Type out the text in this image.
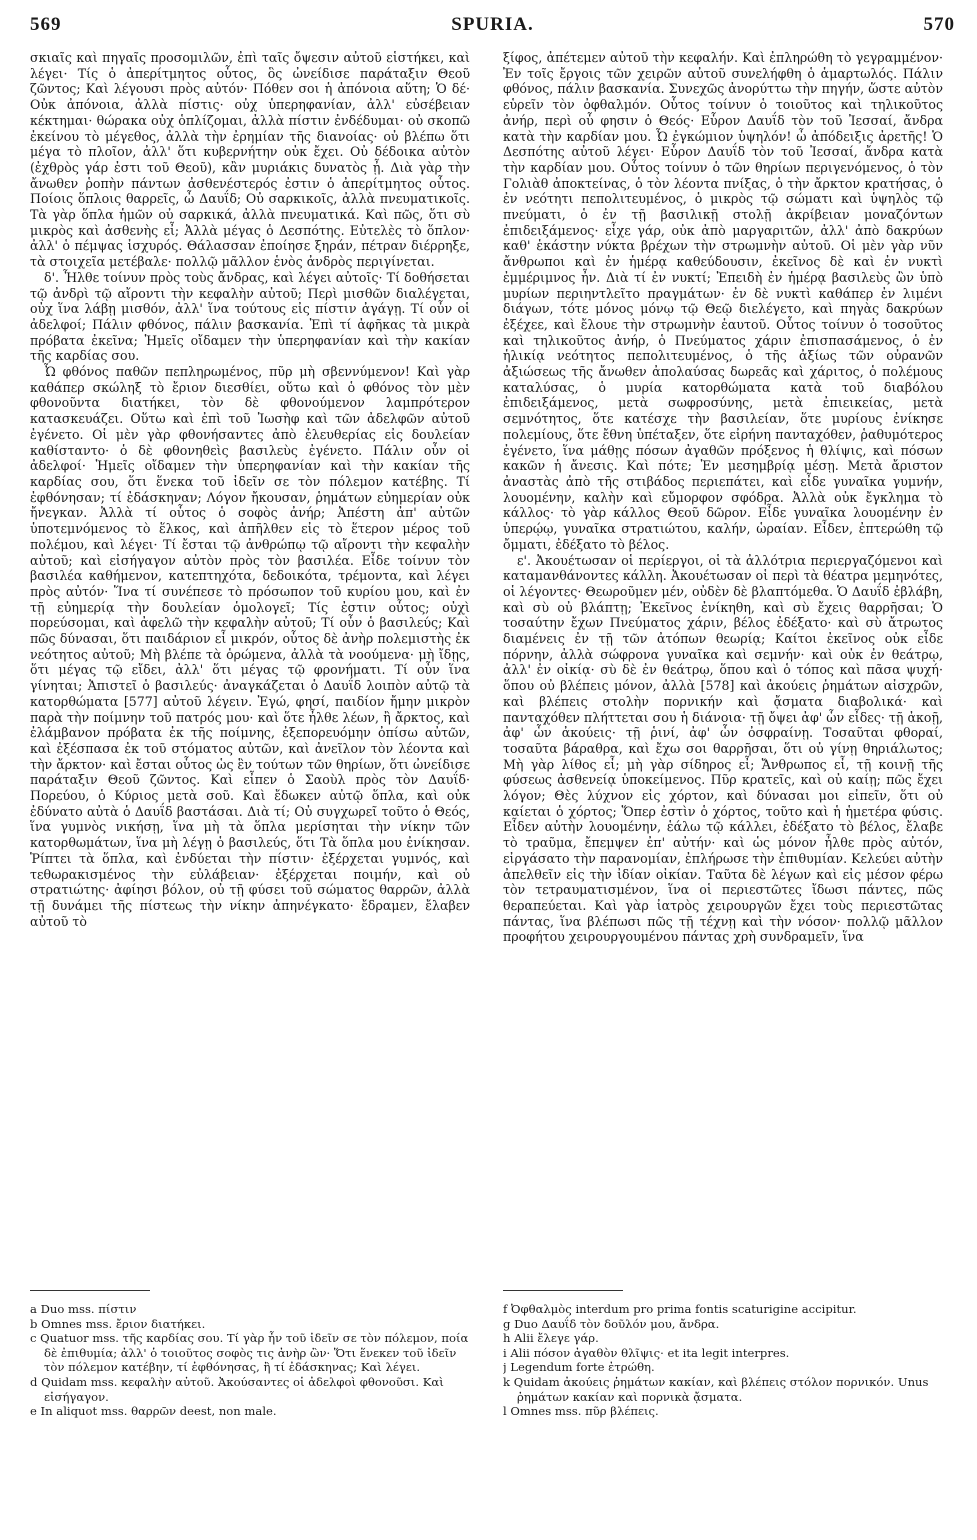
569	SPURIA.	570

σκιαῖς καὶ πηγαῖς προσομιλῶν, ἐπὶ ταῖς ὄψεσιν αὐτοῦ εἱστήκει, καὶ λέγει· Τίς ὁ ἀπερίτμητος οὗτος, ὃς ὠνείδισε παράταξιν Θεοῦ ζῶντος; Καὶ λέγουσι πρὸς αὐτόν· Πόθεν σοι ἡ ἀπόνοια αὕτη; Ὁ δέ· Οὐκ ἀπόνοια, ἀλλὰ πίστις· οὐχ ὑπερηφανίαν, ἀλλ' εὐσέβειαν κέκτημαι· θώρακα οὐχ ὁπλίζομαι, ἀλλὰ πίστιν ἐνδέδυμαι· οὐ σκοπῶ ἐκείνου τὸ μέγεθος, ἀλλὰ τὴν ἐρημίαν τῆς διανοίας· οὐ βλέπω ὅτι μέγα τὸ πλοῖον, ἀλλ' ὅτι κυβερνήτην οὐκ ἔχει. Οὐ δέδοικα αὐτὸν (ἐχθρὸς γάρ ἐστι τοῦ Θεοῦ), κἂν μυριάκις δυνατὸς ᾖ. Διὰ γὰρ τὴν ἄνωθεν ῥοπὴν πάντων ἀσθενέστερός ἐστιν ὁ ἀπερίτμητος οὗτος. Ποίοις ὅπλοις θαρρεῖς, ὦ Δαυΐδ; Οὐ σαρκικοῖς, ἀλλὰ πνευματικοῖς. Τὰ γὰρ ὅπλα ἡμῶν οὐ σαρκικά, ἀλλὰ πνευματικά. Καὶ πῶς, ὅτι σὺ μικρὸς καὶ ἀσθενὴς εἶ; Ἀλλὰ μέγας ὁ Δεσπότης. Εὐτελὲς τὸ ὅπλον· ἀλλ' ὁ πέμψας ἰσχυρός. Θάλασσαν ἐποίησε ξηράν, πέτραν διέρρηξε, τὰ στοιχεῖα μετέβαλε· πολλῷ μᾶλλον ἑνὸς ἀνδρὸς περιγίνεται.

δ'. Ἦλθε τοίνυν πρὸς τοὺς ἄνδρας, καὶ λέγει αὐτοῖς· Τί δοθήσεται τῷ ἀνδρὶ τῷ αἴροντι τὴν κεφαλὴν αὐτοῦ; Περὶ μισθῶν διαλέγεται, οὐχ ἵνα λάβῃ μισθόν, ἀλλ' ἵνα τούτους εἰς πίστιν ἀγάγῃ. Τί οὖν οἱ ἀδελφοί; Πάλιν φθόνος, πάλιν βασκανία. Ἐπὶ τί ἀφῆκας τὰ μικρὰ πρόβατα ἐκεῖνα; Ἡμεῖς οἴδαμεν τὴν ὑπερηφανίαν καὶ τὴν κακίαν τῆς καρδίας σου.

Ὦ φθόνος παθῶν πεπληρωμένος, πῦρ μὴ σβεννύμενον! Καὶ γὰρ καθάπερ σκώληξ τὸ ἔριον διεσθίει, οὕτω καὶ ὁ φθόνος τὸν μὲν φθονοῦντα διατήκει, τὸν δὲ φθονούμενον λαμπρότερον κατασκευάζει. Οὕτω καὶ ἐπὶ τοῦ Ἰωσὴφ καὶ τῶν ἀδελφῶν αὐτοῦ ἐγένετο. Οἱ μὲν γὰρ φθονήσαντες ἀπὸ ἐλευθερίας εἰς δουλείαν καθίσταντο· ὁ δὲ φθονηθεὶς βασιλεὺς ἐγένετο. Πάλιν οὖν οἱ ἀδελφοί· Ἡμεῖς οἴδαμεν τὴν ὑπερηφανίαν καὶ τὴν κακίαν τῆς καρδίας σου, ὅτι ἕνεκα τοῦ ἰδεῖν σε τὸν πόλεμον κατέβης. Τί ἐφθόνησαν; τί ἐδάσκηναν; Λόγον ἤκουσαν, ῥημάτων εὐημερίαν οὐκ ἤνεγκαν. Ἀλλὰ τί οὗτος ὁ σοφὸς ἀνήρ; Ἀπέστη ἀπ' αὐτῶν ὑποτεμνόμενος τὸ ἕλκος, καὶ ἀπῆλθεν εἰς τὸ ἕτερον μέρος τοῦ πολέμου, καὶ λέγει· Τί ἔσται τῷ ἀνθρώπῳ τῷ αἴροντι τὴν κεφαλὴν αὐτοῦ; καὶ εἰσήγαγον αὐτὸν πρὸς τὸν βασιλέα. Εἶδε τοίνυν τὸν βασιλέα καθήμενον, κατεπτηχότα, δεδοικότα, τρέμοντα, καὶ λέγει πρὸς αὐτόν· Ἵνα τί συνέπεσε τὸ πρόσωπον τοῦ κυρίου μου, καὶ ἐν τῇ εὐημερίᾳ τὴν δουλείαν ὁμολογεῖ; Τίς ἐστιν οὗτος; οὐχὶ πορεύσομαι, καὶ ἀφελῶ τὴν κεφαλὴν αὐτοῦ; Τί οὖν ὁ βασιλεύς; Καὶ πῶς δύνασαι, ὅτι παιδάριον εἶ μικρόν, οὗτος δὲ ἀνὴρ πολεμιστὴς ἐκ νεότητος αὐτοῦ; Μὴ βλέπε τὰ ὁρώμενα, ἀλλὰ τὰ νοούμενα· μὴ ἴδῃς, ὅτι μέγας τῷ εἴδει, ἀλλ' ὅτι μέγας τῷ φρονήματι. Τί οὖν ἵνα γίνηται; Ἀπιστεῖ ὁ βασιλεύς· ἀναγκάζεται ὁ Δαυΐδ λοιπὸν αὐτῷ τὰ κατορθώματα [577] αὐτοῦ λέγειν. Ἐγώ, φησί, παιδίον ἤμην μικρὸν παρὰ τὴν ποίμνην τοῦ πατρός μου· καὶ ὅτε ἦλθε λέων, ἢ ἄρκτος, καὶ ἐλάμβανον πρόβατα ἐκ τῆς ποίμνης, ἐξεπορευόμην ὀπίσω αὐτῶν, καὶ ἐξέσπασα ἐκ τοῦ στόματος αὐτῶν, καὶ ἀνεῖλον τὸν λέοντα καὶ τὴν ἄρκτον· καὶ ἔσται οὗτος ὡς ἓν τούτων τῶν θηρίων, ὅτι ὠνείδισε παράταξιν Θεοῦ ζῶντος. Καὶ εἶπεν ὁ Σαοὺλ πρὸς τὸν Δαυΐδ· Πορεύου, ὁ Κύριος μετὰ σοῦ. Καὶ ἔδωκεν αὐτῷ ὅπλα, καὶ οὐκ ἐδύνατο αὐτὰ ὁ Δαυΐδ βαστάσαι. Διὰ τί; Οὐ συγχωρεῖ τοῦτο ὁ Θεός, ἵνα γυμνὸς νικήσῃ, ἵνα μὴ τὰ ὅπλα μερίσηται τὴν νίκην τῶν κατορθωμάτων, ἵνα μὴ λέγῃ ὁ βασιλεύς, ὅτι Τὰ ὅπλα μου ἐνίκησαν. Ῥίπτει τὰ ὅπλα, καὶ ἐνδύεται τὴν πίστιν· ἐξέρχεται γυμνός, καὶ τεθωρακισμένος τὴν εὐλάβειαν· ἐξέρχεται ποιμήν, καὶ οὐ στρατιώτης· ἀφίησι βόλον, οὐ τῇ φύσει τοῦ σώματος θαρρῶν, ἀλλὰ τῇ δυνάμει τῆς πίστεως τὴν νίκην ἀπηνέγκατο· ἔδραμεν, ἔλαβεν αὐτοῦ τὸ

ξίφος, ἀπέτεμεν αὐτοῦ τὴν κεφαλήν. Καὶ ἐπληρώθη τὸ γεγραμμένον· Ἐν τοῖς ἔργοις τῶν χειρῶν αὐτοῦ συνελήφθη ὁ ἁμαρτωλός. Πάλιν φθόνος, πάλιν βασκανία. Συνεχῶς ἀνορύττω τὴν πηγήν, ὥστε αὐτὸν εὑρεῖν τὸν ὀφθαλμόν. Οὗτος τοίνυν ὁ τοιοῦτος καὶ τηλικοῦτος ἀνήρ, περὶ οὗ φησιν ὁ Θεός· Εὗρον Δαυΐδ τὸν τοῦ Ἰεσσαί, ἄνδρα κατὰ τὴν καρδίαν μου. Ὦ ἐγκώμιον ὑψηλόν! ὦ ἀπόδειξις ἀρετῆς! Ὁ Δεσπότης αὐτοῦ λέγει· Εὗρον Δαυΐδ τὸν τοῦ Ἰεσσαί, ἄνδρα κατὰ τὴν καρδίαν μου. Οὗτος τοίνυν ὁ τῶν θηρίων περιγενόμενος, ὁ τὸν Γολιὰθ ἀποκτείνας, ὁ τὸν λέοντα πνίξας, ὁ τὴν ἄρκτον κρατήσας, ὁ ἐν νεότητι πεπολιτευμένος, ὁ μικρὸς τῷ σώματι καὶ ὑψηλὸς τῷ πνεύματι, ὁ ἐν τῇ βασιλικῇ στολῇ ἀκρίβειαν μοναζόντων ἐπιδειξάμενος· εἶχε γάρ, οὐκ ἀπὸ μαργαριτῶν, ἀλλ' ἀπὸ δακρύων καθ' ἑκάστην νύκτα βρέχων τὴν στρωμνὴν αὐτοῦ. Οἱ μὲν γὰρ νῦν ἄνθρωποι καὶ ἐν ἡμέρᾳ καθεύδουσιν, ἐκεῖνος δὲ καὶ ἐν νυκτὶ ἐμμέριμνος ἦν. Διὰ τί ἐν νυκτί; Ἐπειδὴ ἐν ἡμέρᾳ βασιλεὺς ὢν ὑπὸ μυρίων περιηντλεῖτο πραγμάτων· ἐν δὲ νυκτὶ καθάπερ ἐν λιμένι διάγων, τότε μόνος μόνῳ τῷ Θεῷ διελέγετο, καὶ πηγὰς δακρύων ἐξέχεε, καὶ ἔλουε τὴν στρωμνὴν ἑαυτοῦ. Οὗτος τοίνυν ὁ τοσοῦτος καὶ τηλικοῦτος ἀνήρ, ὁ Πνεύματος χάριν ἐπισπασάμενος, ὁ ἐν ἡλικίᾳ νεότητος πεπολιτευμένος, ὁ τῆς ἀξίως τῶν οὐρανῶν ἀξιώσεως τῆς ἄνωθεν ἀπολαύσας δωρεᾶς καὶ χάριτος, ὁ πολέμους καταλύσας, ὁ μυρία κατορθώματα κατὰ τοῦ διαβόλου ἐπιδειξάμενος, μετὰ σωφροσύνης, μετὰ ἐπιεικείας, μετὰ σεμνότητος, ὅτε κατέσχε τὴν βασιλείαν, ὅτε μυρίους ἐνίκησε πολεμίους, ὅτε ἔθνη ὑπέταξεν, ὅτε εἰρήνη πανταχόθεν, ῥαθυμότερος ἐγένετο, ἵνα μάθῃς πόσων ἀγαθῶν πρόξενος ἡ θλίψις, καὶ πόσων κακῶν ἡ ἄνεσις. Καὶ πότε; Ἐν μεσημβρίᾳ μέσῃ. Μετὰ ἄριστον ἀναστὰς ἀπὸ τῆς στιβάδος περιεπάτει, καὶ εἶδε γυναῖκα γυμνήν, λουομένην, καλὴν καὶ εὔμορφον σφόδρα. Ἀλλὰ οὐκ ἔγκλημα τὸ κάλλος· τὸ γὰρ κάλλος Θεοῦ δῶρον. Εἶδε γυναῖκα λουομένην ἐν ὑπερῴῳ, γυναῖκα στρατιώτου, καλήν, ὡραίαν. Εἶδεν, ἐπτερώθη τῷ ὄμματι, ἐδέξατο τὸ βέλος.

ε'. Ἀκουέτωσαν οἱ περίεργοι, οἱ τὰ ἀλλότρια περιεργαζόμενοι καὶ καταμανθάνοντες κάλλη. Ἀκουέτωσαν οἱ περὶ τὰ θέατρα μεμηνότες, οἱ λέγοντες· Θεωροῦμεν μέν, οὐδὲν δὲ βλαπτόμεθα. Ὁ Δαυΐδ ἐβλάβη, καὶ σὺ οὐ βλάπτῃ; Ἐκεῖνος ἐνίκηθη, καὶ σὺ ἔχεις θαρρῆσαι; Ὁ τοσαύτην ἔχων Πνεύματος χάριν, βέλος ἐδέξατο· καὶ σὺ ἄτρωτος διαμένεις ἐν τῇ τῶν ἀτόπων θεωρίᾳ; Καίτοι ἐκεῖνος οὐκ εἶδε πόρνην, ἀλλὰ σώφρονα γυναῖκα καὶ σεμνήν· καὶ οὐκ ἐν θεάτρῳ, ἀλλ' ἐν οἰκίᾳ· σὺ δὲ ἐν θεάτρῳ, ὅπου καὶ ὁ τόπος καὶ πᾶσα ψυχή· ὅπου οὐ βλέπεις μόνον, ἀλλὰ [578] καὶ ἀκούεις ῥημάτων αἰσχρῶν, καὶ βλέπεις στολὴν πορνικήν καὶ ᾄσματα διαβολικά· καὶ πανταχόθεν πλήττεται σου ἡ διάνοια· τῇ ὄψει ἀφ' ὧν εἶδες· τῇ ἀκοῇ, ἀφ' ὧν ἀκούεις· τῇ ῥινί, ἀφ' ὧν ὀσφραίνῃ. Τοσαῦται φθοραί, τοσαῦτα βάραθρα, καὶ ἔχω σοι θαρρῆσαι, ὅτι οὐ γίνῃ θηριάλωτος; Μὴ γὰρ λίθος εἶ; μὴ γὰρ σίδηρος εἶ; Ἄνθρωπος εἶ, τῇ κοινῇ τῆς φύσεως ἀσθενείᾳ ὑποκείμενος. Πῦρ κρατεῖς, καὶ οὐ καίῃ; πῶς ἔχει λόγον; Θὲς λύχνον εἰς χόρτον, καὶ δύνασαι μοι εἰπεῖν, ὅτι οὐ καίεται ὁ χόρτος; Ὅπερ ἐστὶν ὁ χόρτος, τοῦτο καὶ ἡ ἡμετέρα φύσις. Εἶδεν αὐτὴν λουομένην, ἑάλω τῷ κάλλει, ἐδέξατο τὸ βέλος, ἔλαβε τὸ τραῦμα, ἔπεμψεν ἐπ' αὐτήν· καὶ ὡς μόνον ἦλθε πρὸς αὐτόν, εἰργάσατο τὴν παρανομίαν, ἐπλήρωσε τὴν ἐπιθυμίαν. Κελεύει αὐτὴν ἀπελθεῖν εἰς τὴν ἰδίαν οἰκίαν. Ταῦτα δὲ λέγων καὶ εἰς μέσον φέρω τὸν τετραυματισμένον, ἵνα οἱ περιεστῶτες ἴδωσι πάντες, πῶς θεραπεύεται. Καὶ γὰρ ἰατρὸς χειρουργῶν ἔχει τοὺς περιεστῶτας πάντας, ἵνα βλέπωσι πῶς τῇ τέχνῃ καὶ τὴν νόσον· πολλῷ μᾶλλον προφήτου χειρουργουμένου πάντας χρὴ συνδραμεῖν, ἵνα

a Duo mss. πίστιν

b Omnes mss. ἔριον διατήκει.

c Quatuor mss. τῆς καρδίας σου. Τί γὰρ ἦν τοῦ ἰδεῖν σε τὸν πόλεμον, ποία δὲ ἐπιθυμία; ἀλλ' ὁ τοιοῦτος σοφὸς τις ἀνὴρ ὢν· Ὅτι ἕνεκεν τοῦ ἰδεῖν τὸν πόλεμον κατέβην, τί ἐφθόνησας, ἢ τί ἐδάσκηνας; Καὶ λέγει.

d Quidam mss. κεφαλὴν αὐτοῦ. Ἀκούσαντες οἱ ἀδελφοὶ φθονοῦσι. Καὶ εἰσήγαγον.

e In aliquot mss. θαρρῶν deest, non male.

f Ὀφθαλμὸς interdum pro prima fontis scaturigine accipitur.

g Duo Δαυΐδ τὸν δοῦλόν μου, ἄνδρα.

h Alii ἔλεγε γάρ.

i Alii πόσον ἀγαθὸν θλῖψις· et ita legit interpres.

j Legendum forte ἐτρώθη.

k Quidam ἀκούεις ῥημάτων κακίαν, καὶ βλέπεις στόλον πορνικόν. Unus ῥημάτων κακίαν καὶ πορνικὰ ᾄσματα.

l Omnes mss. πῦρ βλέπεις.
